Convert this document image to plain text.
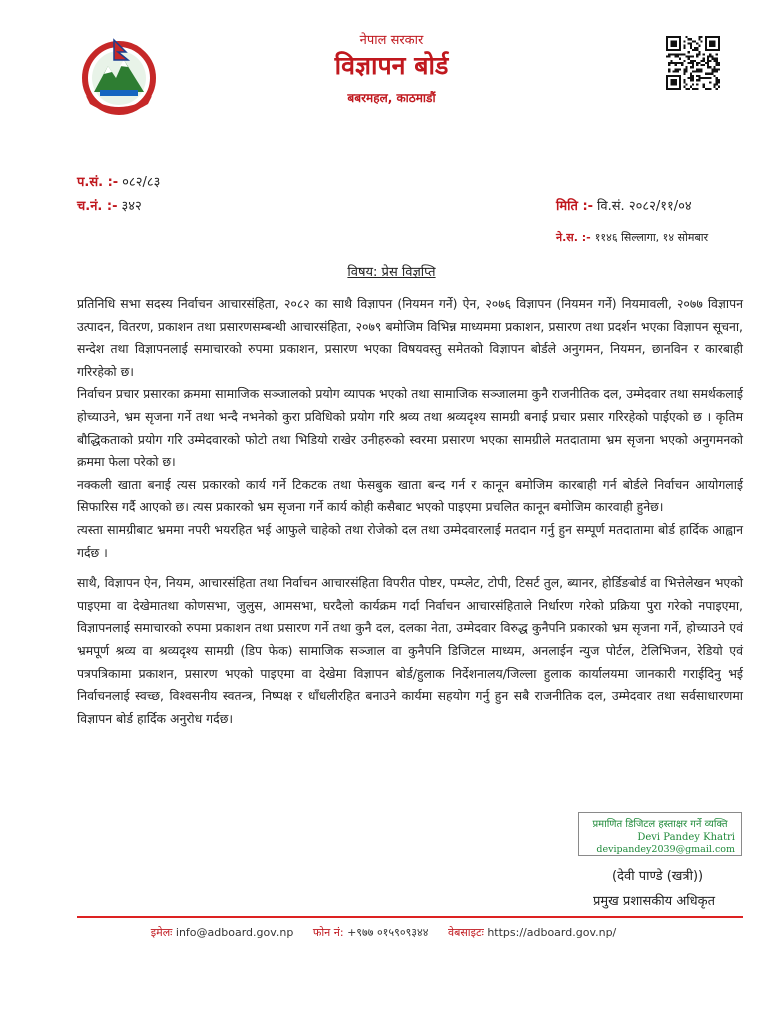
नेपाल सरकार
विज्ञापन बोर्ड
बबरमहल, काठमाडौं
प.सं. :- ०८२/८३
च.नं. :- ३४२	मिति :- वि.सं. २०८२/११/०४
ने.स. :- ११४६ सिल्लागा, १४ सोमबार
विषय: प्रेस विज्ञप्ति

प्रतिनिधि सभा सदस्य निर्वाचन आचारसंहिता, २०८२ का साथै विज्ञापन (नियमन गर्ने) ऐन, २०७६ विज्ञापन (नियमन गर्ने) नियमावली, २०७७ विज्ञापन उत्पादन, वितरण, प्रकाशन तथा प्रसारणसम्बन्धी आचारसंहिता, २०७९ बमोजिम विभिन्न माध्यममा प्रकाशन, प्रसारण तथा प्रदर्शन भएका विज्ञापन सूचना, सन्देश तथा विज्ञापनलाई समाचारको रुपमा प्रकाशन, प्रसारण भएका विषयवस्तु समेतको विज्ञापन बोर्डले अनुगमन, नियमन, छानविन र कारबाही गरिरहेको छ।

निर्वाचन प्रचार प्रसारका क्रममा सामाजिक सञ्जालको प्रयोग व्यापक भएको तथा सामाजिक सञ्जालमा कुनै राजनीतिक दल, उम्मेदवार तथा समर्थकलाई होच्याउने, भ्रम सृजना गर्ने तथा भन्दै नभनेको कुरा प्रविधिको प्रयोग गरि श्रव्य तथा श्रव्यदृश्य सामग्री बनाई प्रचार प्रसार गरिरहेको पाईएको छ । कृतिम बौद्धिकताको प्रयोग गरि उम्मेदवारको फोटो तथा भिडियो राखेर उनीहरुको स्वरमा प्रसारण भएका सामग्रीले मतदातामा भ्रम सृजना भएको अनुगमनको क्रममा फेला परेको छ।

नक्कली खाता बनाई त्यस प्रकारको कार्य गर्ने टिकटक तथा फेसबुक खाता बन्द गर्न र कानून बमोजिम कारबाही गर्न बोर्डले निर्वाचन आयोगलाई सिफारिस गर्दै आएको छ। त्यस प्रकारको भ्रम सृजना गर्ने कार्य कोही कसैबाट भएको पाइएमा प्रचलित कानून बमोजिम कारवाही हुनेछ।

त्यस्ता सामग्रीबाट भ्रममा नपरी भयरहित भई आफुले चाहेको तथा रोजेको दल तथा उम्मेदवारलाई मतदान गर्नु हुन सम्पूर्ण मतदातामा बोर्ड हार्दिक आह्वान गर्दछ ।

साथै, विज्ञापन ऐन, नियम, आचारसंहिता तथा निर्वाचन आचारसंहिता विपरीत पोष्टर, पम्प्लेट, टोपी, टिसर्ट तुल, ब्यानर, होर्डिङबोर्ड वा भित्तेलेखन भएको पाइएमा वा देखेमातथा कोणसभा, जुलुस, आमसभा, घरदैलो कार्यक्रम गर्दा निर्वाचन आचारसंहिताले निर्धारण गरेको प्रक्रिया पुरा गरेको नपाइएमा, विज्ञापनलाई समाचारको रुपमा प्रकाशन तथा प्रसारण गर्ने तथा कुनै दल, दलका नेता, उम्मेदवार विरुद्ध कुनैपनि प्रकारको भ्रम सृजना गर्ने, होच्याउने एवं भ्रमपूर्ण श्रव्य वा श्रव्यदृश्य सामग्री (डिप फेक) सामाजिक सञ्जाल वा कुनैपनि डिजिटल माध्यम, अनलाईन न्युज पोर्टल, टेलिभिजन, रेडियो एवं पत्रपत्रिकामा प्रकाशन, प्रसारण भएको पाइएमा वा देखेमा विज्ञापन बोर्ड/हुलाक निर्देशनालय/जिल्ला हुलाक कार्यालयमा जानकारी गराईदिनु भई निर्वाचनलाई स्वच्छ, विश्वसनीय स्वतन्त्र, निष्पक्ष र धाँधलीरहित बनाउने कार्यमा सहयोग गर्नु हुन सबै राजनीतिक दल, उम्मेदवार तथा सर्वसाधारणमा विज्ञापन बोर्ड हार्दिक अनुरोध गर्दछ।

प्रमाणित डिजिटल हस्ताक्षर गर्ने व्यक्ति
Devi Pandey Khatri
devipandey2039@gmail.com
(देवी पाण्डे (खत्री))
प्रमुख प्रशासकीय अधिकृत
इमेलः info@adboard.gov.np फोन नं: +९७७ ०१५९०९३४४ वेबसाइटः https://adboard.gov.np/
